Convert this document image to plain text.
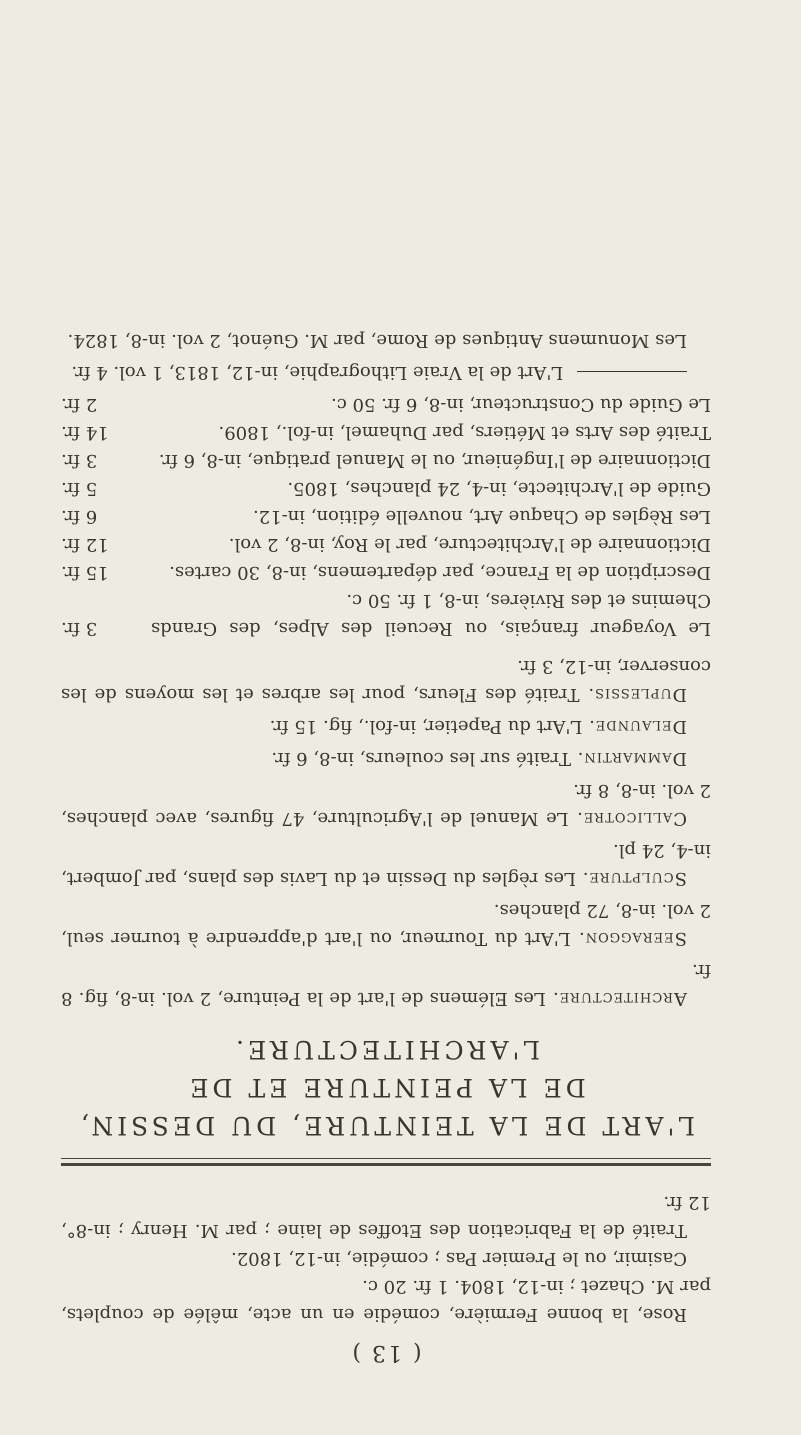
( 13 )

Rose, la bonne Fermière, comédie en un acte, mêlée de couplets, par M. Chazet ; in-12, 1804. 1 fr. 20 c.

Casimir, ou le Premier Pas ; comédie, in-12, 1802.

Traité de la Fabrication des Etoffes de laine ; par M. Henry ; in-8°, 12 fr.

L'ART DE LA TEINTURE, DU DESSIN,
DE LA PEINTURE ET DE L'ARCHITECTURE.

Architecture. Les Elémens de l'art de la Peinture, 2 vol. in-8, fig. 8 fr.

Seeraggon. L'Art du Tourneur, ou l'art d'apprendre à tourner seul, 2 vol. in-8, 72 planches.

Sculpture. Les règles du Dessin et du Lavis des plans, par Jombert, in-4, 24 pl.

Callicotre. Le Manuel de l'Agriculture, 47 figures, avec planches, 2 vol. in-8, 8 fr.

Dammartin. Traité sur les couleurs, in-8, 6 fr.

Delaunde. L'Art du Papetier, in-fol., fig. 15 fr.

Duplessis. Traité des Fleurs, pour les arbres et les moyens de les conserver, in-12, 3 fr.

Le Voyageur français, ou Recueil des Alpes, des Grands Chemins et des Rivières, in-8, 1 fr. 50 c.
3 fr.
Description de la France, par départemens, in-8, 30 cartes.
15 fr.
Dictionnaire de l'Architecture, par le Roy, in-8, 2 vol.
12 fr.
Les Règles de Chaque Art, nouvelle édition, in-12.
6 fr.
Guide de l'Architecte, in-4, 24 planches, 1805.
5 fr.
Dictionnaire de l'Ingénieur, ou le Manuel pratique, in-8, 6 fr.
3 fr.
Traité des Arts et Métiers, par Duhamel, in-fol., 1809.
14 fr.
Le Guide du Constructeur, in-8, 6 fr. 50 c.
2 fr.

L'Art de la Vraie Lithographie, in-12, 1813, 1 vol. 4 fr.

Les Monumens Antiques de Rome, par M. Guénot, 2 vol. in-8, 1824.
